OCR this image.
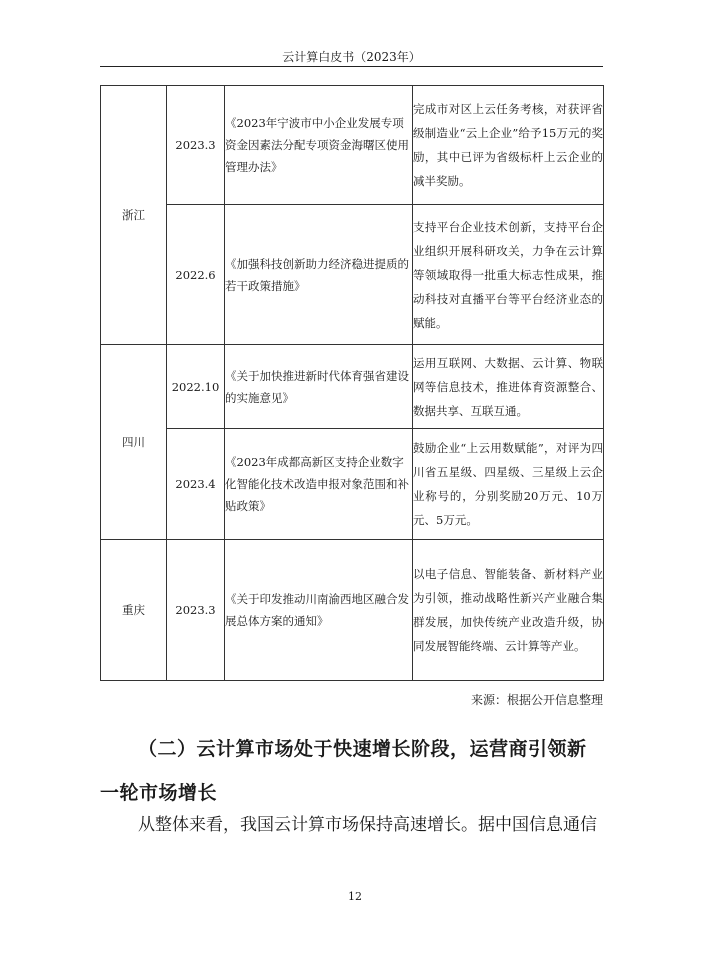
云计算白皮书（2023年）
浙江	2023.3	《2023年宁波市中小企业发展专项资金因素法分配专项资金海曙区使用管理办法》	完成市对区上云任务考核，对获评省级制造业“云上企业”给予15万元的奖励，其中已评为省级标杆上云企业的减半奖励。
	2022.6	《加强科技创新助力经济稳进提质的若干政策措施》	支持平台企业技术创新，支持平台企业组织开展科研攻关，力争在云计算等领域取得一批重大标志性成果，推动科技对直播平台等平台经济业态的赋能。
四川	2022.10	《关于加快推进新时代体育强省建设的实施意见》	运用互联网、大数据、云计算、物联网等信息技术，推进体育资源整合、数据共享、互联互通。
	2023.4	《2023年成都高新区支持企业数字化智能化技术改造申报对象范围和补贴政策》	鼓励企业“上云用数赋能”，对评为四川省五星级、四星级、三星级上云企业称号的，分别奖励20万元、10万元、5万元。
重庆	2023.3	《关于印发推动川南渝西地区融合发展总体方案的通知》	以电子信息、智能装备、新材料产业为引领，推动战略性新兴产业融合集群发展，加快传统产业改造升级，协同发展智能终端、云计算等产业。
来源：根据公开信息整理
（二）云计算市场处于快速增长阶段，运营商引领新一轮市场增长
从整体来看，我国云计算市场保持高速增长。据中国信息通信
12
